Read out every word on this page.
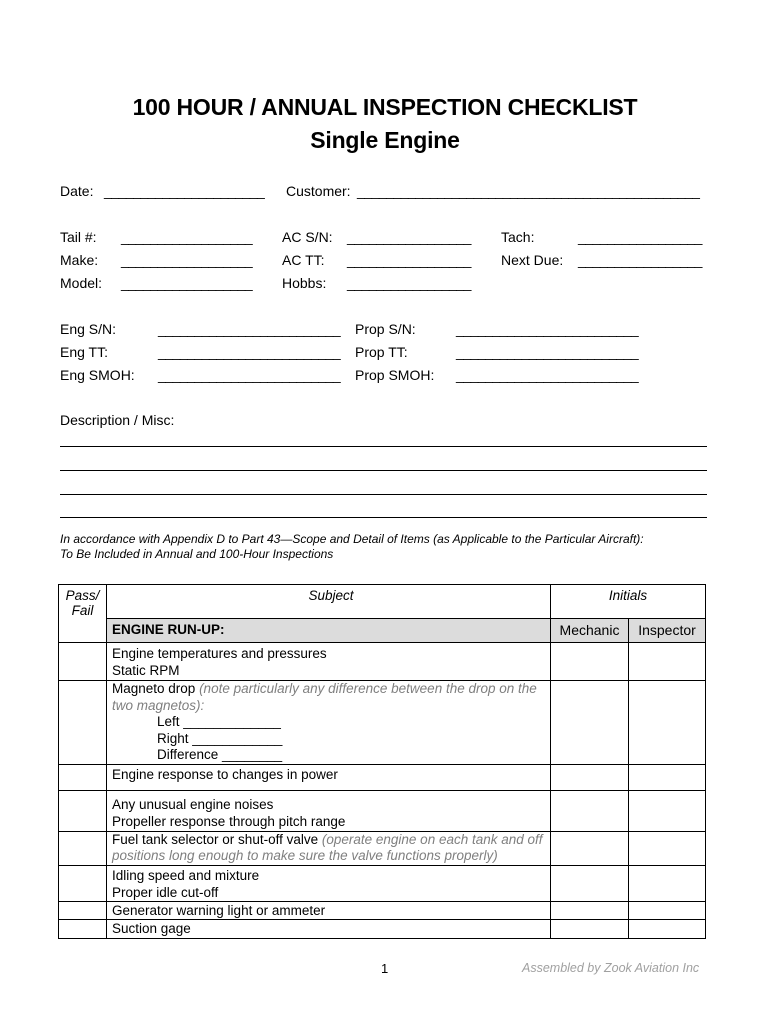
100 HOUR / ANNUAL INSPECTION CHECKLIST
Single Engine
Date: ______________________ Customer: _______________________________________________
Tail #: __________________ AC S/N: _________________ Tach:	_________________
Make: __________________ AC TT: _________________ Next Due: _________________
Model: __________________ Hobbs: _________________
Eng S/N:	_________________________ Prop S/N:	_________________________
Eng TT:	_________________________ Prop TT:	_________________________
Eng SMOH: _________________________ Prop SMOH: _________________________
Description / Misc:
In accordance with Appendix D to Part 43—Scope and Detail of Items (as Applicable to the Particular Aircraft):
To Be Included in Annual and 100-Hour Inspections
Pass/
Fail	Subject	Initials	
	ENGINE RUN-UP:	Mechanic	Inspector

	Engine temperatures and pressures
Static RPM		

	Magneto drop (note particularly any difference between the drop on the two magnetos):
Left _____________
Right ____________
Difference ________		

	Engine response to changes in power		

	Any unusual engine noises
Propeller response through pitch range		

	Fuel tank selector or shut-off valve (operate engine on each tank and off positions long enough to make sure the valve functions properly)		

	Idling speed and mixture
Proper idle cut-off		

	Generator warning light or ammeter		
	Suction gage		
1	Assembled by Zook Aviation Inc
